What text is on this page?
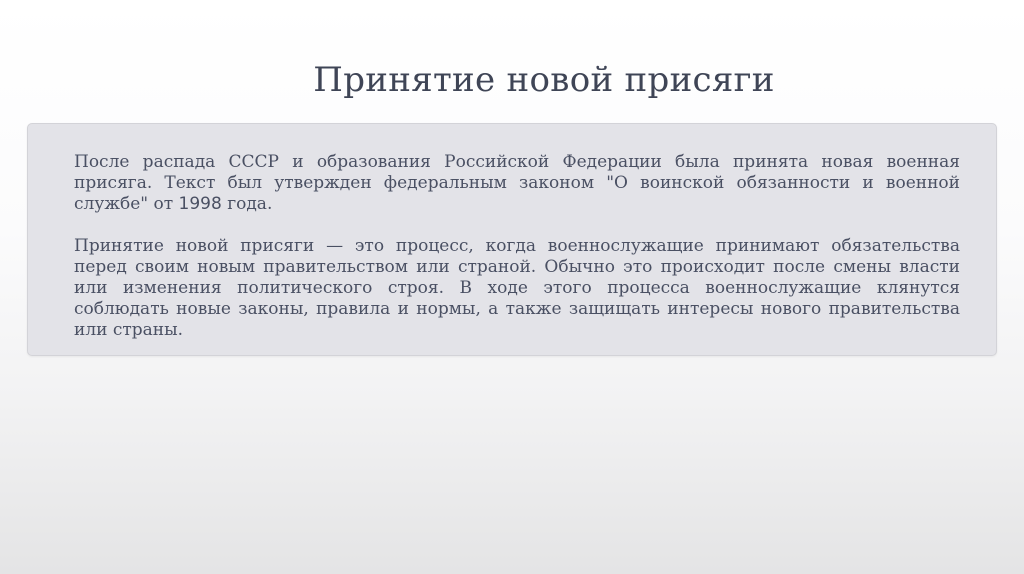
Принятие новой присяги

После распада СССР и образования Российской Федерации была принята новая военная присяга. Текст был утвержден федеральным законом "О воинской обязанности и военной службе" от 1998 года.

Принятие новой присяги — это процесс, когда военнослужащие принимают обязательства перед своим новым правительством или страной. Обычно это происходит после смены власти или изменения политического строя. В ходе этого процесса военнослужащие клянутся соблюдать новые законы, правила и нормы, а также защищать интересы нового правительства или страны.
